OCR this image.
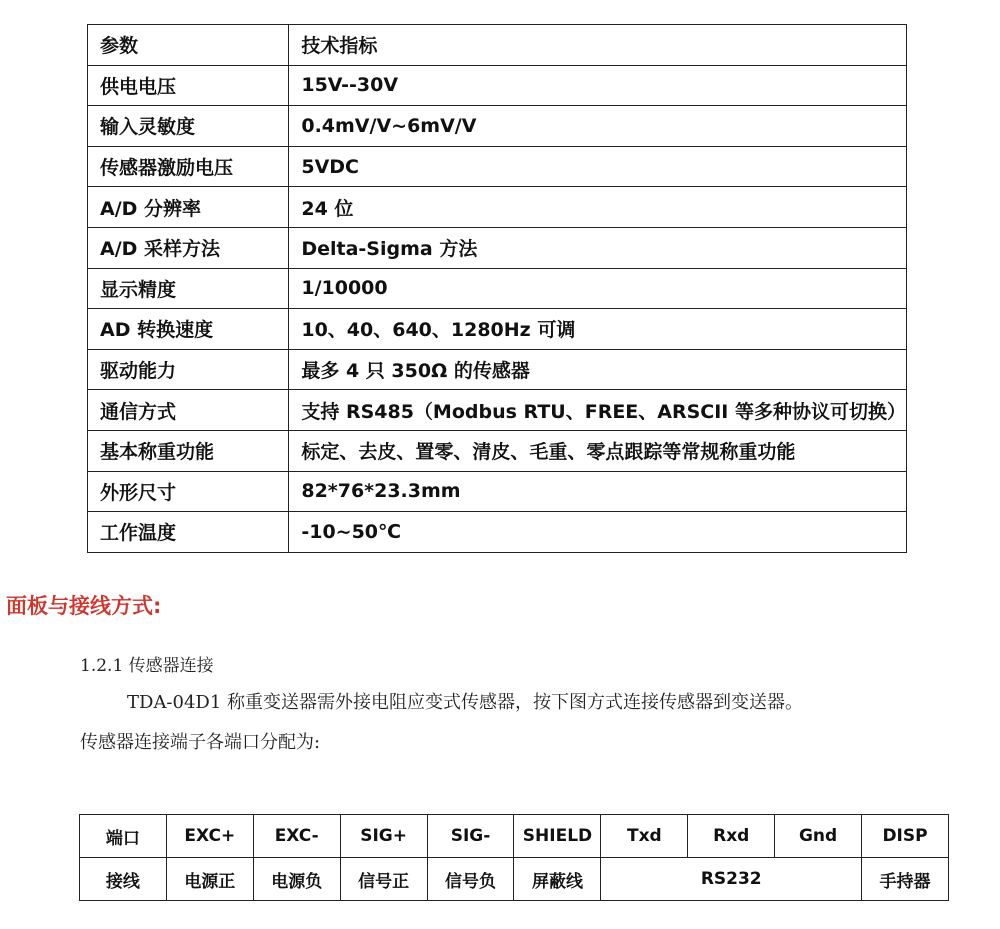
参数	技术指标
供电电压	15V--30V
输入灵敏度	0.4mV/V~6mV/V
传感器激励电压	5VDC
A/D 分辨率	24 位
A/D 采样方法	Delta-Sigma 方法
显示精度	1/10000
AD 转换速度	10、40、640、1280Hz 可调
驱动能力	最多 4 只 350Ω 的传感器
通信方式	支持 RS485（Modbus RTU、FREE、ARSCII 等多种协议可切换）
基本称重功能	标定、去皮、置零、清皮、毛重、零点跟踪等常规称重功能
外形尺寸	82*76*23.3mm
工作温度	-10~50℃
面板与接线方式:
1.2.1 传感器连接
TDA-04D1 称重变送器需外接电阻应变式传感器，按下图方式连接传感器到变送器。
传感器连接端子各端口分配为:
端口	EXC+	EXC-	SIG+	SIG-	SHIELD	Txd	Rxd	Gnd	DISP
接线	电源正	电源负	信号正	信号负	屏蔽线	RS232			手持器
